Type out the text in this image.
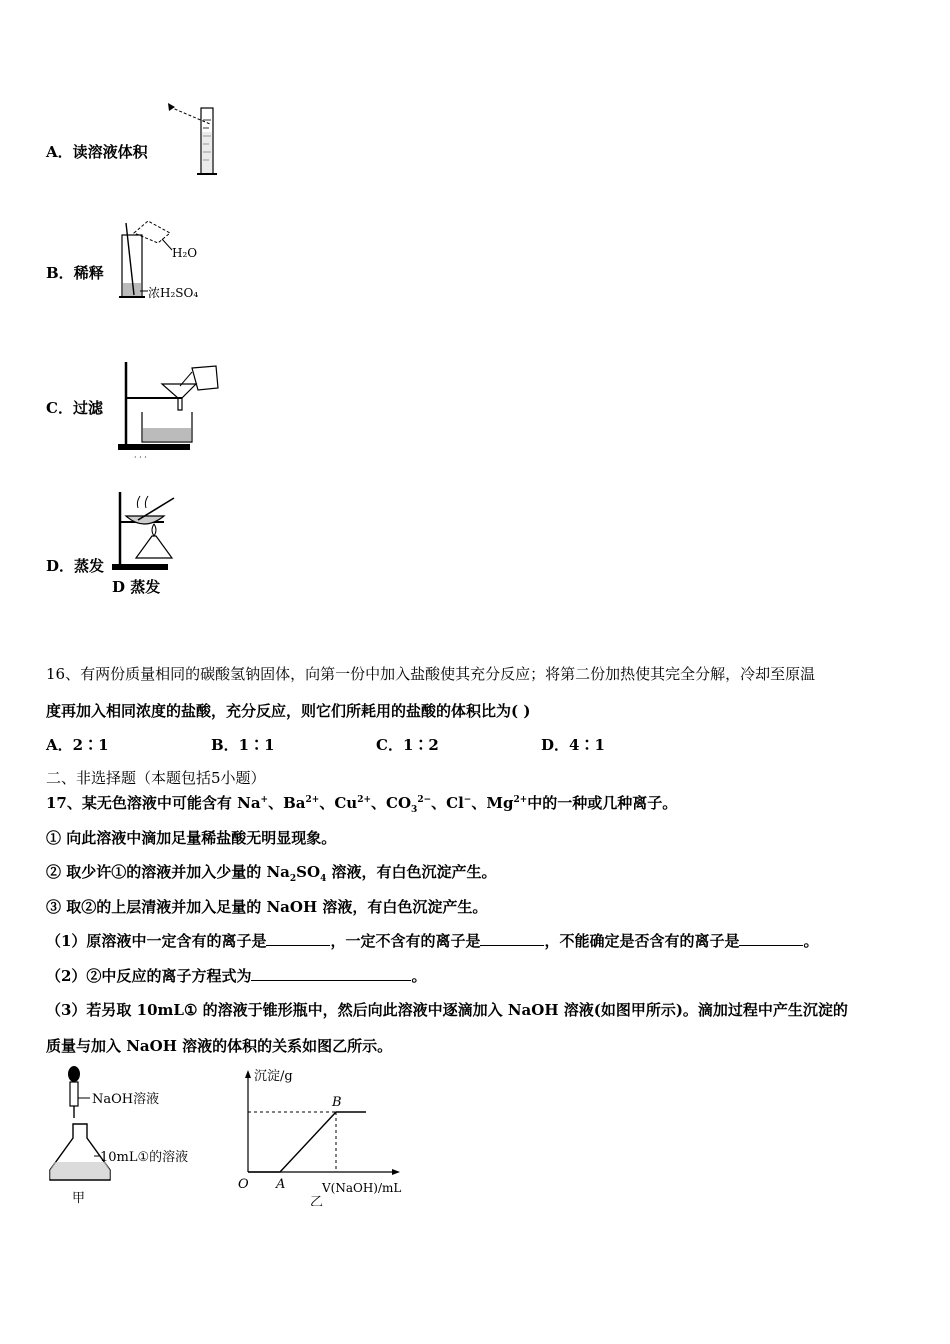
A．读溶液体积
B．稀释
H₂O
浓H₂SO₄
C．过滤
· · ·
D．蒸发
D 蒸发
16、有两份质量相同的碳酸氢钠固体，向第一份中加入盐酸使其充分反应；将第二份加热使其完全分解，冷却至原温
度再加入相同浓度的盐酸，充分反应，则它们所耗用的盐酸的体积比为( )
A．2∶1	B．1∶1	C．1∶2	D．4∶1
二、非选择题（本题包括5小题）
17、某无色溶液中可能含有 Na+、$Ba^{2+}$、$Cu^{2+}$、$CO_3^{2-}$、Cl−、$Mg^{2+}$中的一种或几种离子。
① 向此溶液中滴加足量稀盐酸无明显现象。
② 取少许①的溶液并加入少量的 $Na_2SO_4$ 溶液，有白色沉淀产生。
③ 取②的上层清液并加入足量的 NaOH 溶液，有白色沉淀产生。
（1）原溶液中一定含有的离子是	，一定不含有的离子是	，不能确定是否含有的离子是	。
（2）②中反应的离子方程式为	。
（3）若另取 10mL① 的溶液于锥形瓶中，然后向此溶液中逐滴加入 NaOH 溶液(如图甲所示)。滴加过程中产生沉淀的
质量与加入 NaOH 溶液的体积的关系如图乙所示。
NaOH溶液
10mL①的溶液
甲
沉淀/g
V(NaOH)/mL
O A
B
乙
